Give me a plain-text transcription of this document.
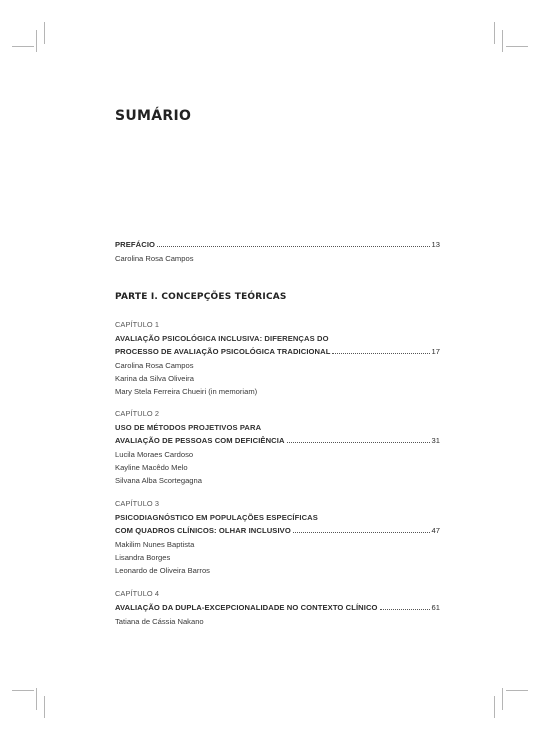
SUMÁRIO
PREFÁCIO	13
Carolina Rosa Campos
PARTE I. CONCEPÇÕES TEÓRICAS
CAPÍTULO 1
AVALIAÇÃO PSICOLÓGICA INCLUSIVA: DIFERENÇAS DO
PROCESSO DE AVALIAÇÃO PSICOLÓGICA TRADICIONAL	17
Carolina Rosa Campos
Karina da Silva Oliveira
Mary Stela Ferreira Chueiri (in memoriam)
CAPÍTULO 2
USO DE MÉTODOS PROJETIVOS PARA
AVALIAÇÃO DE PESSOAS COM DEFICIÊNCIA	31
Lucila Moraes Cardoso
Kayline Macêdo Melo
Silvana Alba Scortegagna
CAPÍTULO 3
PSICODIAGNÓSTICO EM POPULAÇÕES ESPECÍFICAS
COM QUADROS CLÍNICOS: OLHAR INCLUSIVO	47
Makilim Nunes Baptista
Lisandra Borges
Leonardo de Oliveira Barros
CAPÍTULO 4
AVALIAÇÃO DA DUPLA-EXCEPCIONALIDADE NO CONTEXTO CLÍNICO	61
Tatiana de Cássia Nakano
